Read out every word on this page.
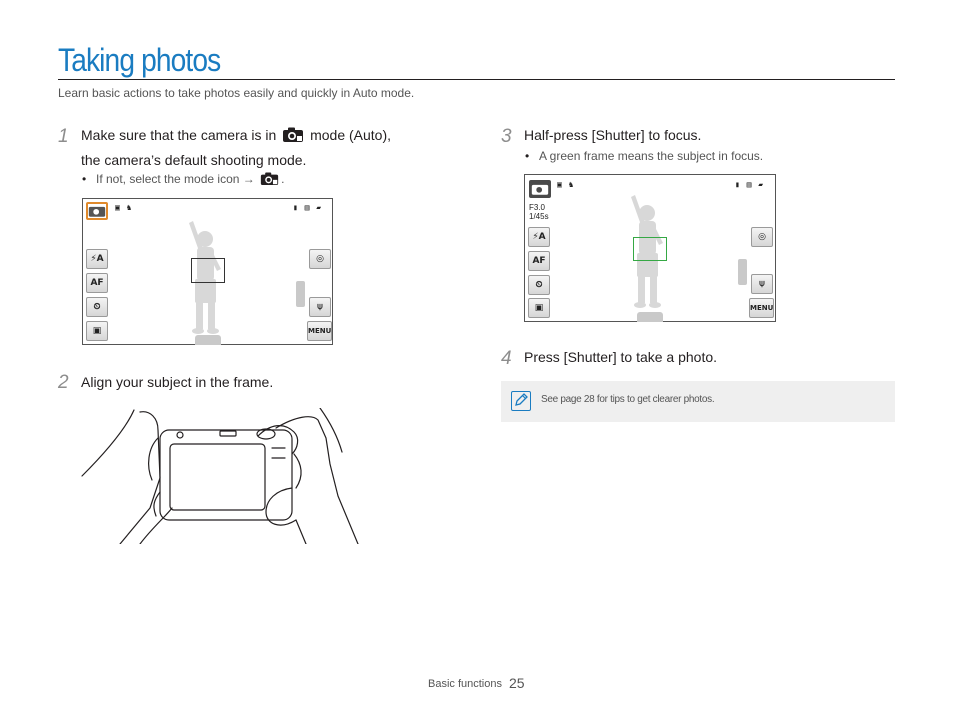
Taking photos

Learn basic actions to take photos easily and quickly in Auto mode.

1 Make sure that the camera is in mode (Auto),
the camera’s default shooting mode.
• If not, select the mode icon → .
▣ ♞	▮ ▥ ▰
⚡A
AF
⏲
▣
◎
⍦
MENU
2 Align your subject in the frame.
3 Half-press [Shutter] to focus.
• A green frame means the subject in focus.
▣ ♞	▮ ▥ ▰
F3.0
1/45s
⚡A
AF
⏲
▣
◎
⍦
MENU
4 Press [Shutter] to take a photo.
See page 28 for tips to get clearer photos.
Basic functions 25
